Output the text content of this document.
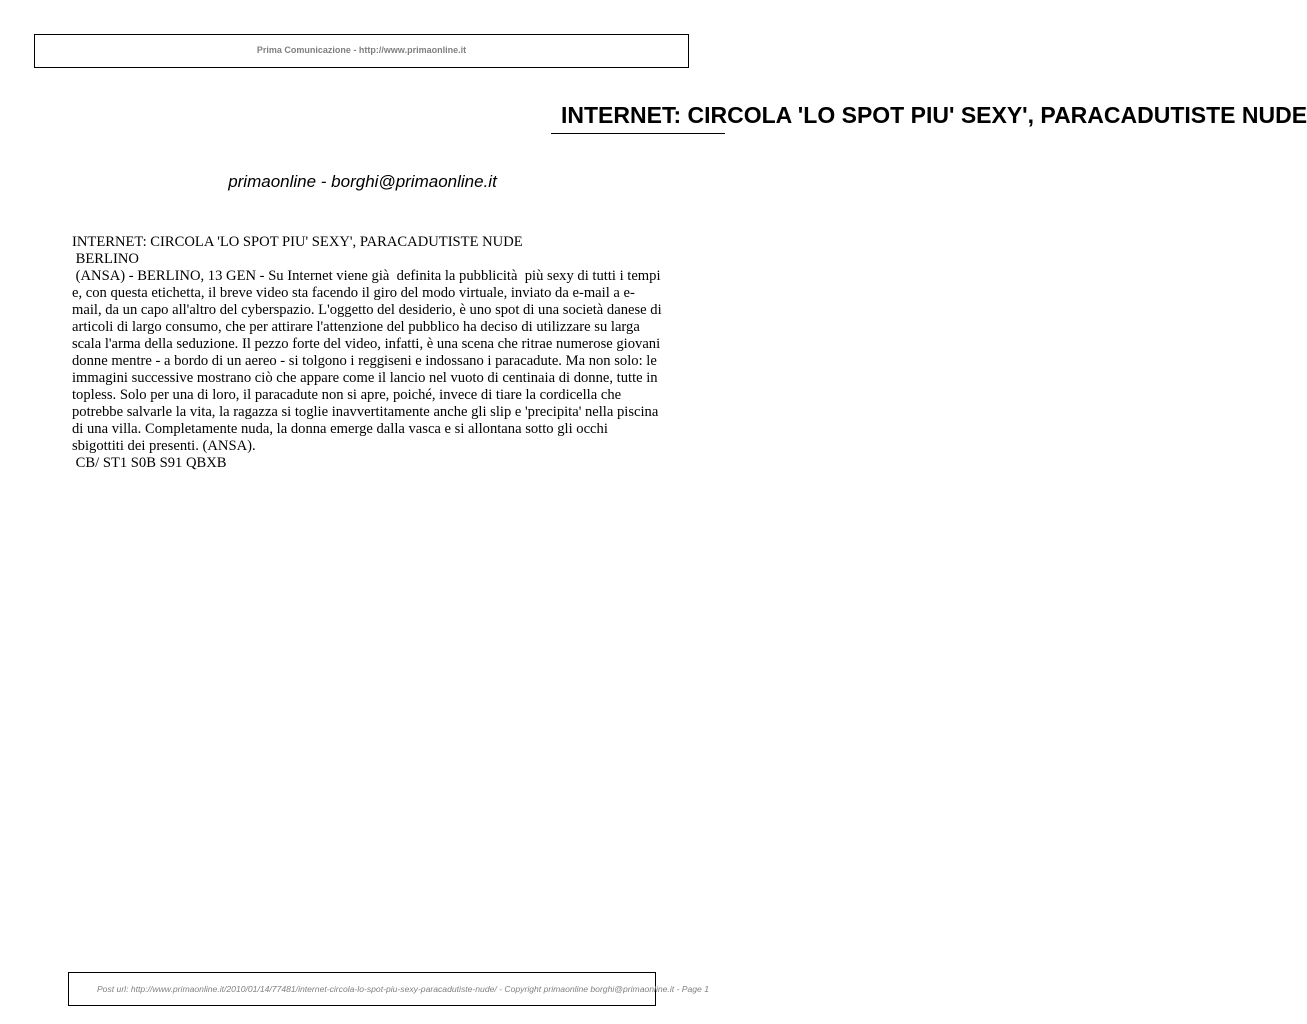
Prima Comunicazione - http://www.primaonline.it
INTERNET: CIRCOLA 'LO SPOT PIU' SEXY', PARACADUTISTE NUDE
primaonline - borghi@primaonline.it

INTERNET: CIRCOLA 'LO SPOT PIU' SEXY', PARACADUTISTE NUDE

BERLINO

(ANSA) - BERLINO, 13 GEN - Su Internet viene già  definita la pubblicità  più sexy di tutti i tempi e, con questa etichetta, il breve video sta facendo il giro del modo virtuale, inviato da e-mail a e-mail, da un capo all'altro del cyberspazio. L'oggetto del desiderio, è uno spot di una società danese di articoli di largo consumo, che per attirare l'attenzione del pubblico ha deciso di utilizzare su larga scala l'arma della seduzione. Il pezzo forte del video, infatti, è una scena che ritrae numerose giovani donne mentre - a bordo di un aereo - si tolgono i reggiseni e indossano i paracadute. Ma non solo: le immagini successive mostrano ciò che appare come il lancio nel vuoto di centinaia di donne, tutte in topless. Solo per una di loro, il paracadute non si apre, poiché, invece di tiare la cordicella che potrebbe salvarle la vita, la ragazza si toglie inavvertitamente anche gli slip e 'precipita' nella piscina di una villa. Completamente nuda, la donna emerge dalla vasca e si allontana sotto gli occhi sbigottiti dei presenti. (ANSA).

CB/ ST1 S0B S91 QBXB

Post url: http://www.primaonline.it/2010/01/14/77481/internet-circola-lo-spot-piu-sexy-paracadutiste-nude/ - Copyright primaonline borghi@primaonline.it - Page 1
